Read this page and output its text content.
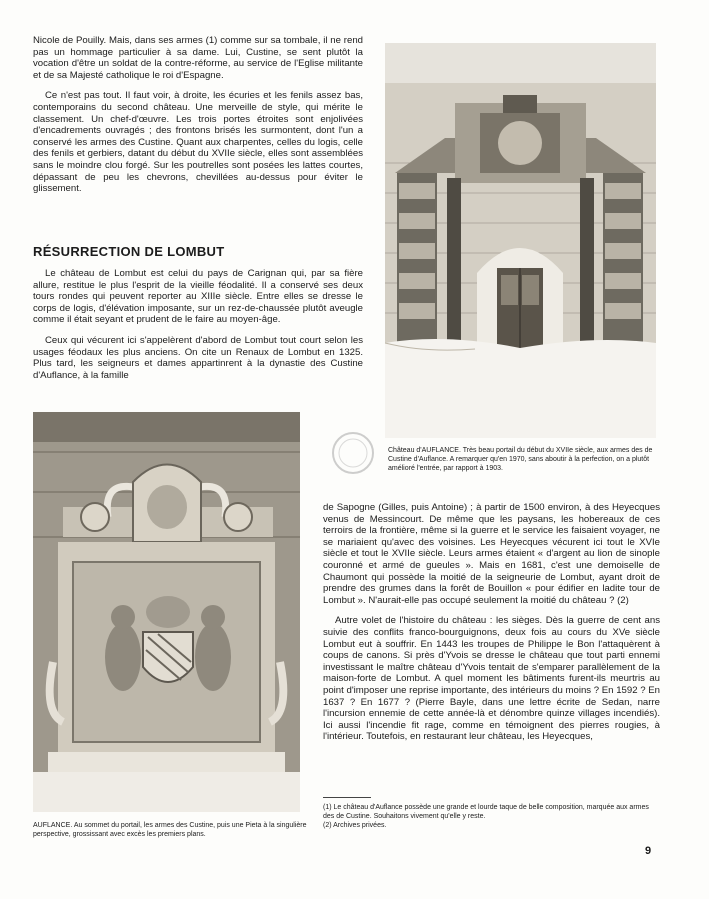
Nicole de Pouilly. Mais, dans ses armes (1) comme sur sa tombale, il ne rend pas un hommage particulier à sa dame. Lui, Custine, se sent plutôt la vocation d'être un soldat de la contre-réforme, au service de l'Eglise militante et de sa Majesté catholique le roi d'Espagne.

Ce n'est pas tout. Il faut voir, à droite, les écuries et les fenils assez bas, contemporains du second château. Une merveille de style, qui mérite le classement. Un chef-d'œuvre. Les trois portes étroites sont enjolivées d'encadrements ouvragés ; des frontons brisés les surmontent, dont l'un a conservé les armes des Custine. Quant aux charpentes, celles du logis, celle des fenils et gerbiers, datant du début du XVIIe siècle, elles sont assemblées sans le moindre clou forgé. Sur les poutrelles sont posées les lattes courtes, dépassant de peu les chevrons, chevillées au-dessus pour éviter le glissement.

RÉSURRECTION DE LOMBUT

Le château de Lombut est celui du pays de Carignan qui, par sa fière allure, restitue le plus l'esprit de la vieille féodalité. Il a conservé ses deux tours rondes qui peuvent reporter au XIIIe siècle. Entre elles se dresse le corps de logis, d'élévation imposante, sur un rez-de-chaussée plutôt aveugle comme il était seyant et prudent de le faire au moyen-âge.

Ceux qui vécurent ici s'appelèrent d'abord de Lombut tout court selon les usages féodaux les plus anciens. On cite un Renaux de Lombut en 1325. Plus tard, les seigneurs et dames appartinrent à la dynastie des Custine d'Auflance, à la famille

Château d'AUFLANCE. Très beau portail du début du XVIIe siècle, aux armes des de Custine d'Auflance. A remarquer qu'en 1970, sans aboutir à la perfection, on a plutôt amélioré l'entrée, par rapport à 1903.
AUFLANCE. Au sommet du portail, les armes des Custine, puis une Pieta à la singulière perspective, grossissant avec excès les premiers plans.

de Sapogne (Gilles, puis Antoine) ; à partir de 1500 environ, à des Heyecques venus de Messincourt. De même que les paysans, les hobereaux de ces terroirs de la frontière, même si la guerre et le service les faisaient voyager, ne se mariaient qu'avec des voisines. Les Heyecques vécurent ici tout le XVIe siècle et tout le XVIIe siècle. Leurs armes étaient « d'argent au lion de sinople couronné et armé de gueules ». Mais en 1681, c'est une demoiselle de Chaumont qui possède la moitié de la seigneurie de Lombut, ayant droit de prendre des grumes dans la forêt de Bouillon « pour édifier en ladite tour de Lombut ». N'aurait-elle pas occupé seulement la moitié du château ? (2)

Autre volet de l'histoire du château : les sièges. Dès la guerre de cent ans suivie des conflits franco-bourguignons, deux fois au cours du XVe siècle Lombut eut à souffrir. En 1443 les troupes de Philippe le Bon l'attaquèrent à coups de canons. Si près d'Yvois se dresse le château que tout parti ennemi investissant le maître château d'Yvois tentait de s'emparer parallèlement de la maison-forte de Lombut. A quel moment les bâtiments furent-ils meurtris au point d'imposer une reprise importante, des intérieurs du moins ? En 1592 ? En 1637 ? En 1677 ? (Pierre Bayle, dans une lettre écrite de Sedan, narre l'incursion ennemie de cette année-là et dénombre quinze villages incendiés). Ici aussi l'incendie fit rage, comme en témoignent des pierres rougies, à l'intérieur. Toutefois, en restaurant leur château, les Heyecques,

(1) Le château d'Auflance possède une grande et lourde taque de belle composition, marquée aux armes des de Custine. Souhaitons vivement qu'elle y reste.
(2) Archives privées.
9
